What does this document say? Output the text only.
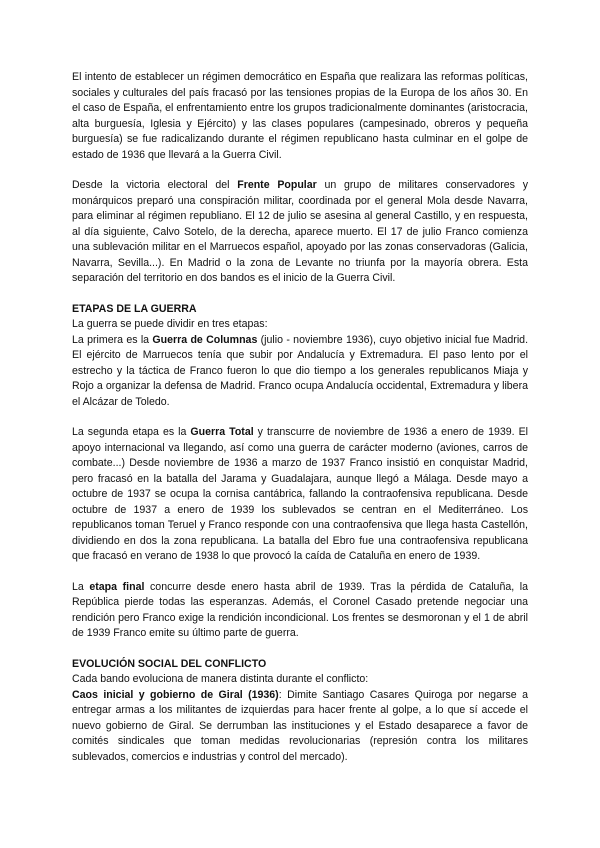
El intento de establecer un régimen democrático en España que realizara las reformas políticas, sociales y culturales del país fracasó por las tensiones propias de la Europa de los años 30. En el caso de España, el enfrentamiento entre los grupos tradicionalmente dominantes (aristocracia, alta burguesía, Iglesia y Ejército) y las clases populares (campesinado, obreros y pequeña burguesía) se fue radicalizando durante el régimen republicano hasta culminar en el golpe de estado de 1936 que llevará a la Guerra Civil.

Desde la victoria electoral del Frente Popular un grupo de militares conservadores y monárquicos preparó una conspiración militar, coordinada por el general Mola desde Navarra, para eliminar al régimen republiano. El 12 de julio se asesina al general Castillo, y en respuesta, al día siguiente, Calvo Sotelo, de la derecha, aparece muerto. El 17 de julio Franco comienza una sublevación militar en el Marruecos español, apoyado por las zonas conservadoras (Galicia, Navarra, Sevilla...). En Madrid o la zona de Levante no triunfa por la mayoría obrera. Esta separación del territorio en dos bandos es el inicio de la Guerra Civil.

ETAPAS DE LA GUERRA

La guerra se puede dividir en tres etapas:

La primera es la Guerra de Columnas (julio - noviembre 1936), cuyo objetivo inicial fue Madrid. El ejército de Marruecos tenía que subir por Andalucía y Extremadura. El paso lento por el estrecho y la táctica de Franco fueron lo que dio tiempo a los generales republicanos Miaja y Rojo a organizar la defensa de Madrid. Franco ocupa Andalucía occidental, Extremadura y libera el Alcázar de Toledo.

La segunda etapa es la Guerra Total y transcurre de noviembre de 1936 a enero de 1939. El apoyo internacional va llegando, así como una guerra de carácter moderno (aviones, carros de combate...) Desde noviembre de 1936 a marzo de 1937 Franco insistió en conquistar Madrid, pero fracasó en la batalla del Jarama y Guadalajara, aunque llegó a Málaga. Desde mayo a octubre de 1937 se ocupa la cornisa cantábrica, fallando la contraofensiva republicana. Desde octubre de 1937 a enero de 1939 los sublevados se centran en el Mediterráneo. Los republicanos toman Teruel y Franco responde con una contraofensiva que llega hasta Castellón, dividiendo en dos la zona republicana. La batalla del Ebro fue una contraofensiva republicana que fracasó en verano de 1938 lo que provocó la caída de Cataluña en enero de 1939.

La etapa final concurre desde enero hasta abril de 1939. Tras la pérdida de Cataluña, la República pierde todas las esperanzas. Además, el Coronel Casado pretende negociar una rendición pero Franco exige la rendición incondicional. Los frentes se desmoronan y el 1 de abril de 1939 Franco emite su último parte de guerra.

EVOLUCIÓN SOCIAL DEL CONFLICTO

Cada bando evoluciona de manera distinta durante el conflicto:

Caos inicial y gobierno de Giral (1936): Dimite Santiago Casares Quiroga por negarse a entregar armas a los militantes de izquierdas para hacer frente al golpe, a lo que sí accede el nuevo gobierno de Giral. Se derrumban las instituciones y el Estado desaparece a favor de comités sindicales que toman medidas revolucionarias (represión contra los militares sublevados, comercios e industrias y control del mercado).
